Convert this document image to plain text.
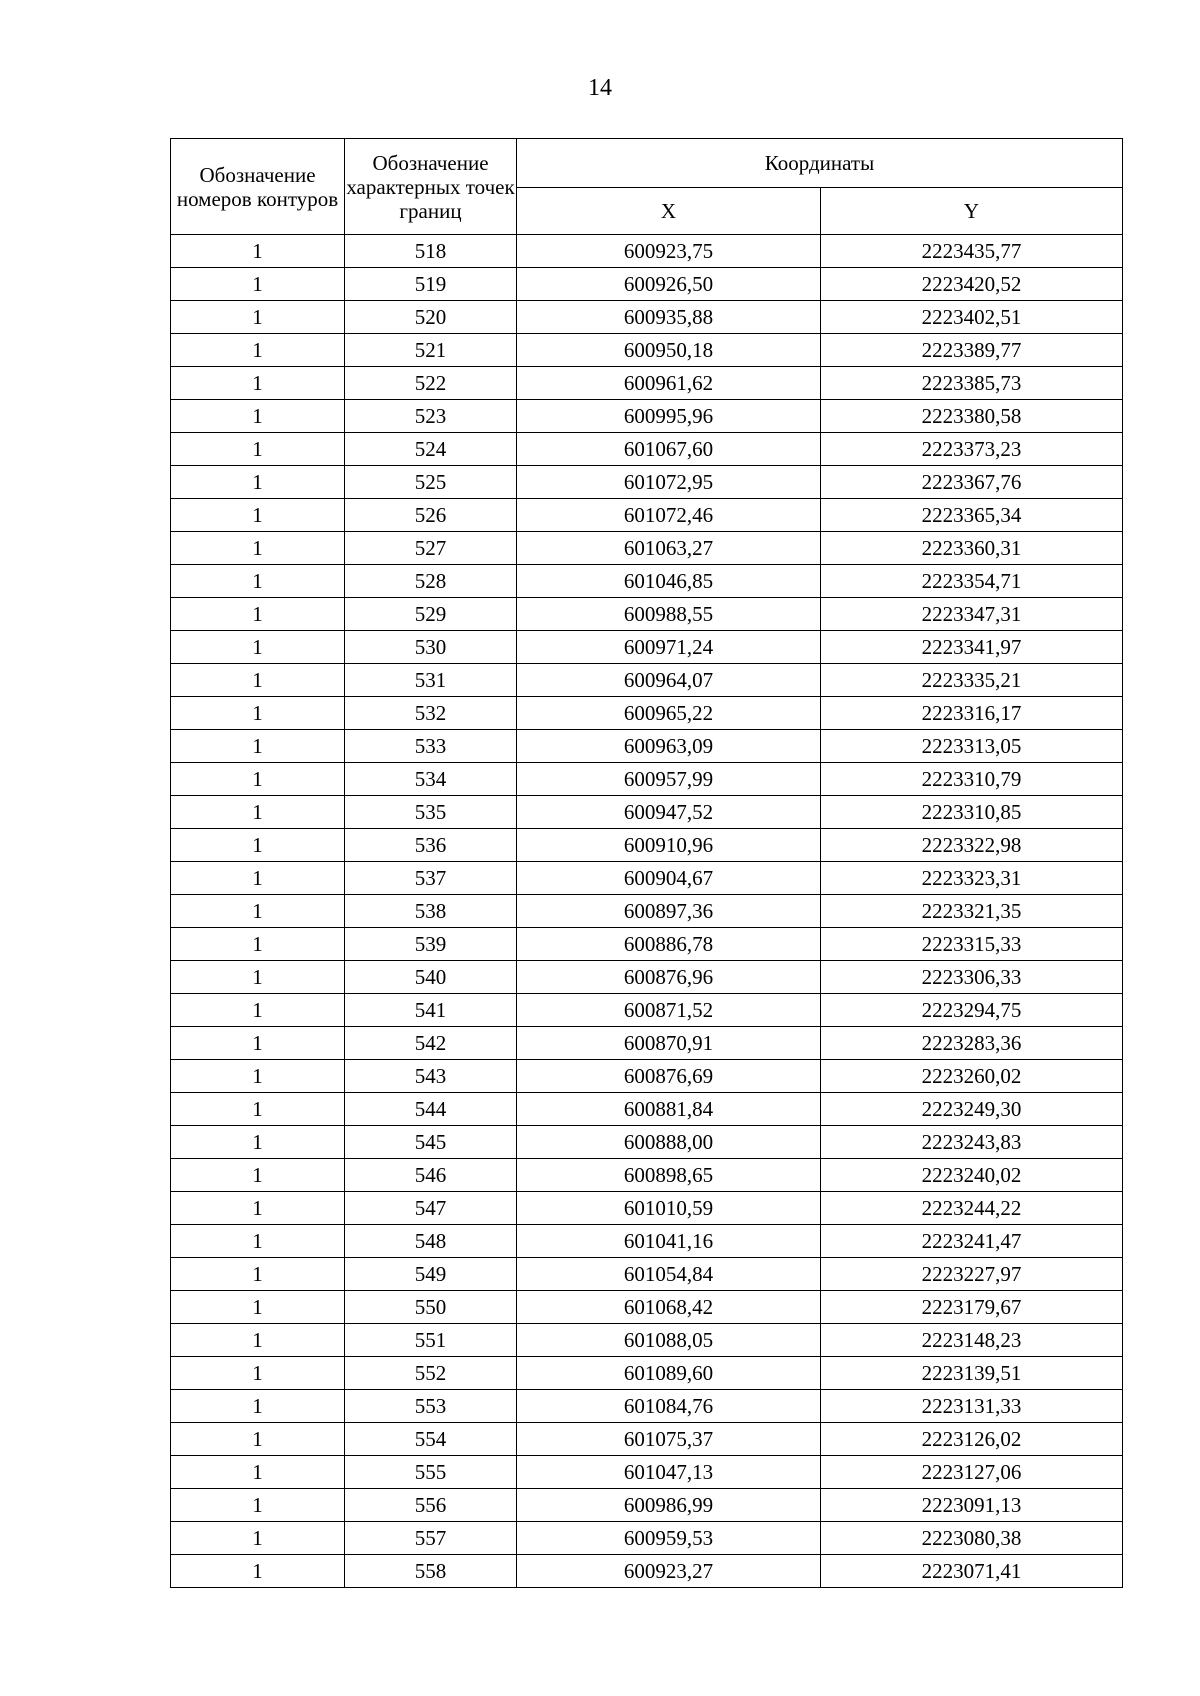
14
Обозначение номеров контуров	Обозначение характерных точек границ	Координаты	
		X	Y
1	518	600923,75	2223435,77
1	519	600926,50	2223420,52
1	520	600935,88	2223402,51
1	521	600950,18	2223389,77
1	522	600961,62	2223385,73
1	523	600995,96	2223380,58
1	524	601067,60	2223373,23
1	525	601072,95	2223367,76
1	526	601072,46	2223365,34
1	527	601063,27	2223360,31
1	528	601046,85	2223354,71
1	529	600988,55	2223347,31
1	530	600971,24	2223341,97
1	531	600964,07	2223335,21
1	532	600965,22	2223316,17
1	533	600963,09	2223313,05
1	534	600957,99	2223310,79
1	535	600947,52	2223310,85
1	536	600910,96	2223322,98
1	537	600904,67	2223323,31
1	538	600897,36	2223321,35
1	539	600886,78	2223315,33
1	540	600876,96	2223306,33
1	541	600871,52	2223294,75
1	542	600870,91	2223283,36
1	543	600876,69	2223260,02
1	544	600881,84	2223249,30
1	545	600888,00	2223243,83
1	546	600898,65	2223240,02
1	547	601010,59	2223244,22
1	548	601041,16	2223241,47
1	549	601054,84	2223227,97
1	550	601068,42	2223179,67
1	551	601088,05	2223148,23
1	552	601089,60	2223139,51
1	553	601084,76	2223131,33
1	554	601075,37	2223126,02
1	555	601047,13	2223127,06
1	556	600986,99	2223091,13
1	557	600959,53	2223080,38
1	558	600923,27	2223071,41
